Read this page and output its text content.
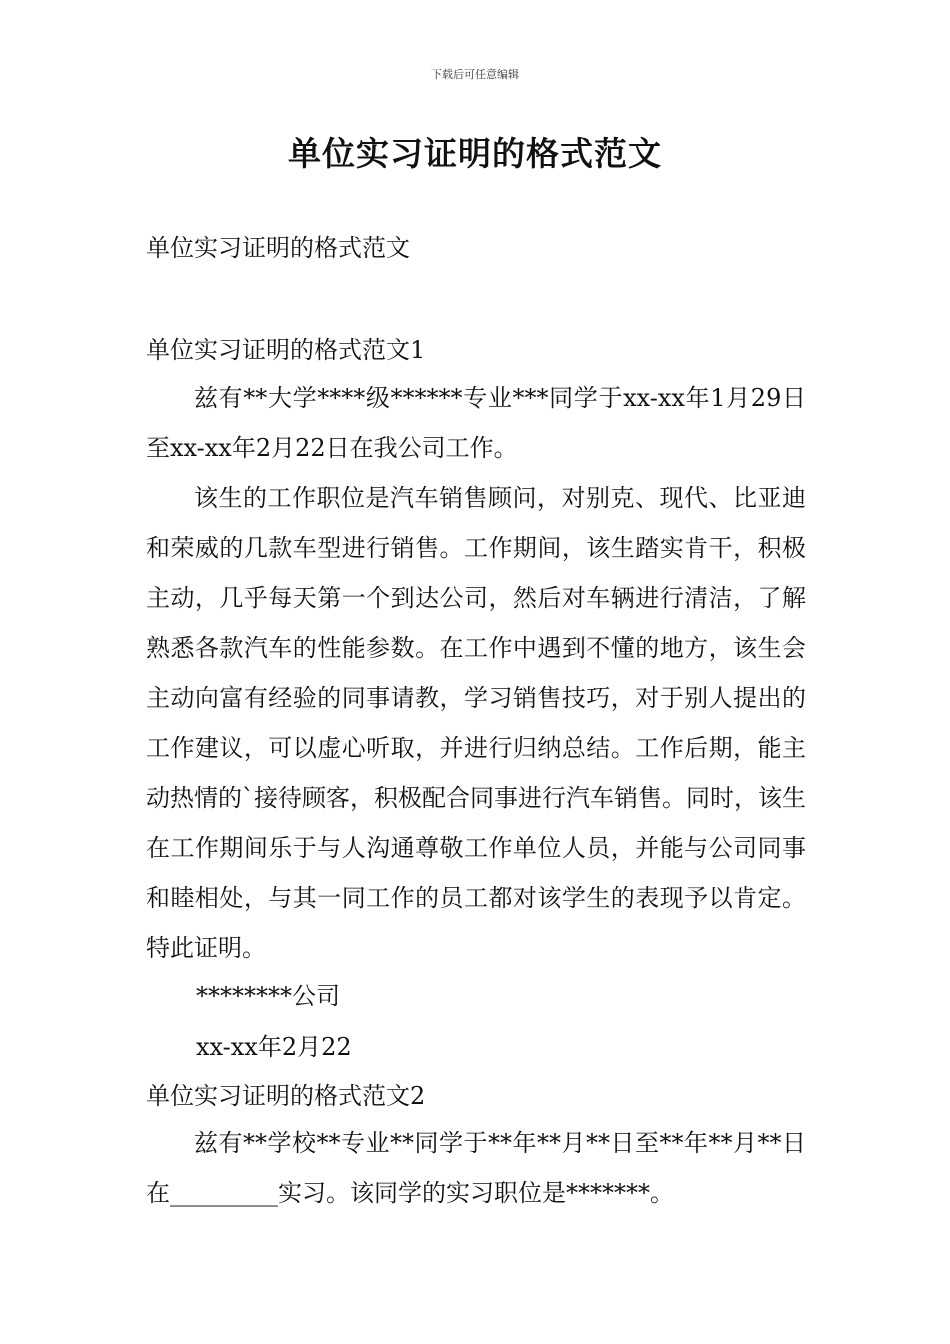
下载后可任意编辑
单位实习证明的格式范文
单位实习证明的格式范文
单位实习证明的格式范文1

兹有**大学****级******专业***同学于xx-xx年1月29日至xx-xx年2月22日在我公司工作。

该生的工作职位是汽车销售顾问，对别克、现代、比亚迪和荣威的几款车型进行销售。工作期间，该生踏实肯干，积极主动，几乎每天第一个到达公司，然后对车辆进行清洁，了解熟悉各款汽车的性能参数。在工作中遇到不懂的地方，该生会主动向富有经验的同事请教，学习销售技巧，对于别人提出的工作建议，可以虚心听取，并进行归纳总结。工作后期，能主动热情的`接待顾客，积极配合同事进行汽车销售。同时，该生在工作期间乐于与人沟通尊敬工作单位人员，并能与公司同事和睦相处，与其一同工作的员工都对该学生的表现予以肯定。特此证明。

********公司
xx-xx年2月22
单位实习证明的格式范文2

兹有**学校**专业**同学于**年**月**日至**年**月**日在_________实习。该同学的实习职位是*******。
